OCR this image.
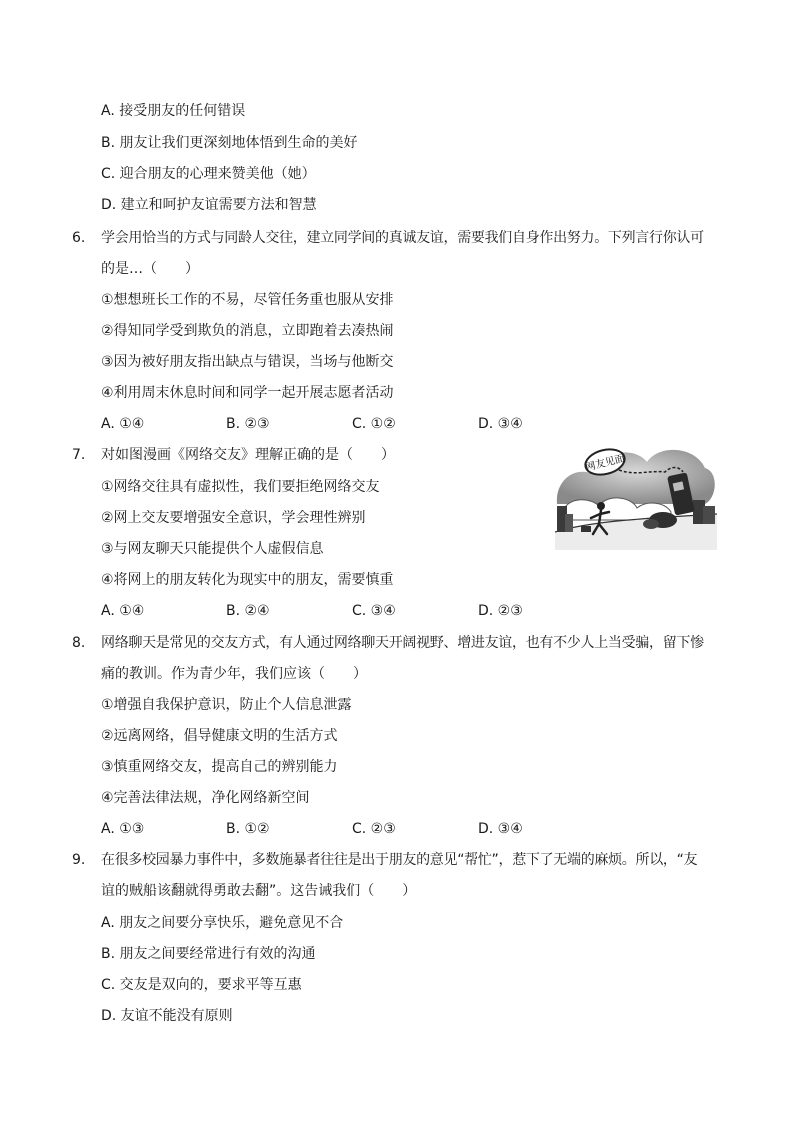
A. 接受朋友的任何错误
B. 朋友让我们更深刻地体悟到生命的美好
C. 迎合朋友的心理来赞美他（她）
D. 建立和呵护友谊需要方法和智慧
6. 学会用恰当的方式与同龄人交往，建立同学间的真诚友谊，需要我们自身作出努力。下列言行你认可
的是…（　　）
①想想班长工作的不易，尽管任务重也服从安排
②得知同学受到欺负的消息，立即跑着去凑热闹
③因为被好朋友指出缺点与错误，当场与他断交
④利用周末休息时间和同学一起开展志愿者活动
A. ①④	B. ②③	C. ①②	D. ③④
7. 对如图漫画《网络交友》理解正确的是（　　）
①网络交往具有虚拟性，我们要拒绝网络交友
②网上交友要增强安全意识，学会理性辨别
③与网友聊天只能提供个人虚假信息
④将网上的朋友转化为现实中的朋友，需要慎重
A. ①④	B. ②④	C. ③④	D. ②③
网友见面
8. 网络聊天是常见的交友方式，有人通过网络聊天开阔视野、增进友谊，也有不少人上当受骗，留下惨
痛的教训。作为青少年，我们应该（　　）
①增强自我保护意识，防止个人信息泄露
②远离网络，倡导健康文明的生活方式
③慎重网络交友，提高自己的辨别能力
④完善法律法规，净化网络新空间
A. ①③	B. ①②	C. ②③	D. ③④
9. 在很多校园暴力事件中，多数施暴者往往是出于朋友的意见“帮忙”，惹下了无端的麻烦。所以，“友
谊的贼船该翻就得勇敢去翻”。这告诫我们（　　）
A. 朋友之间要分享快乐，避免意见不合
B. 朋友之间要经常进行有效的沟通
C. 交友是双向的，要求平等互惠
D. 友谊不能没有原则
